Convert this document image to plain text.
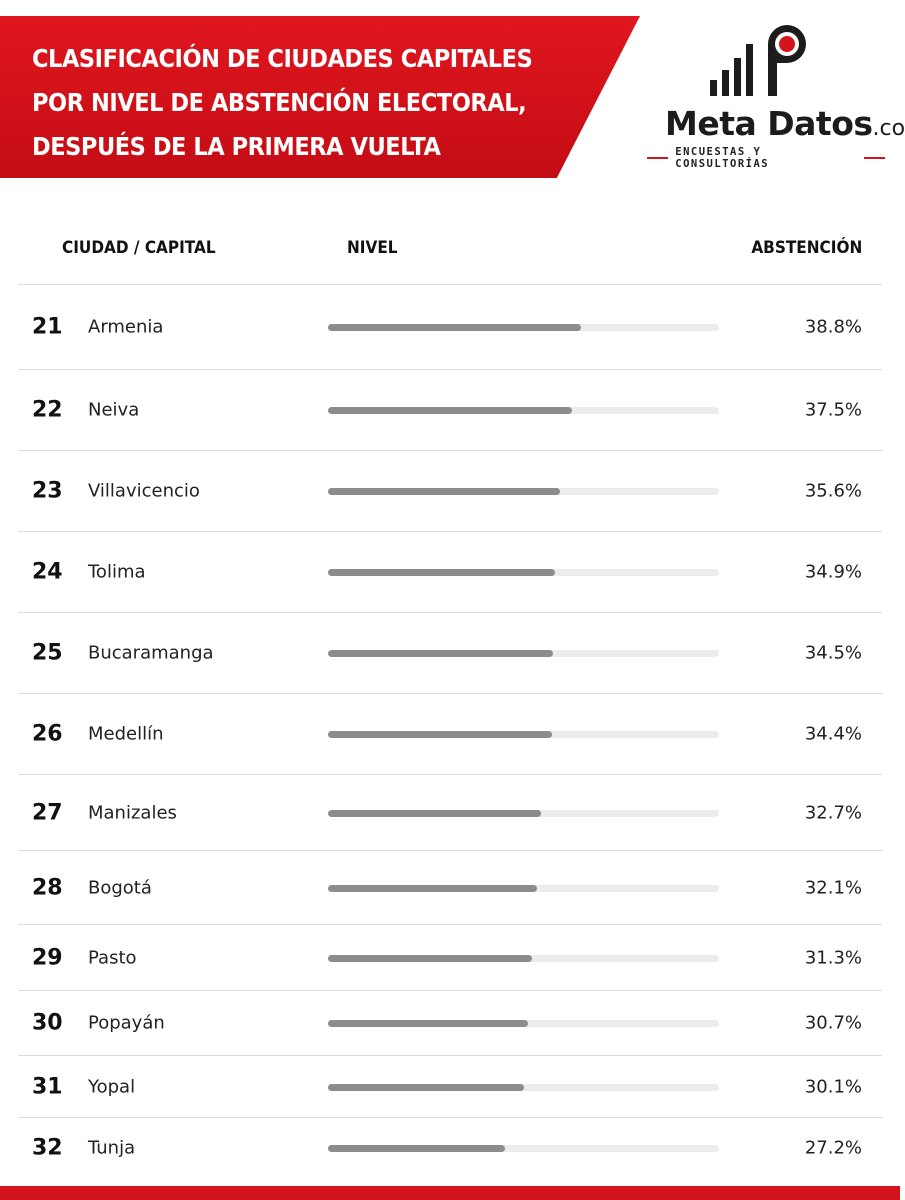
CLASIFICACIÓN DE CIUDADES CAPITALES
POR NIVEL DE ABSTENCIÓN ELECTORAL,
DESPUÉS DE LA PRIMERA VUELTA PRESIDENCIAL
Meta Datos.co
ENCUESTAS Y CONSULTORÍAS
CIUDAD / CAPITAL	NIVEL	ABSTENCIÓN
21 Armenia	38.8%
22 Neiva	37.5%
23 Villavicencio	35.6%
24 Tolima	34.9%
25 Bucaramanga	34.5%
26 Medellín	34.4%
27 Manizales	32.7%
28 Bogotá	32.1%
29 Pasto	31.3%
30 Popayán	30.7%
31 Yopal	30.1%
32 Tunja	27.2%
